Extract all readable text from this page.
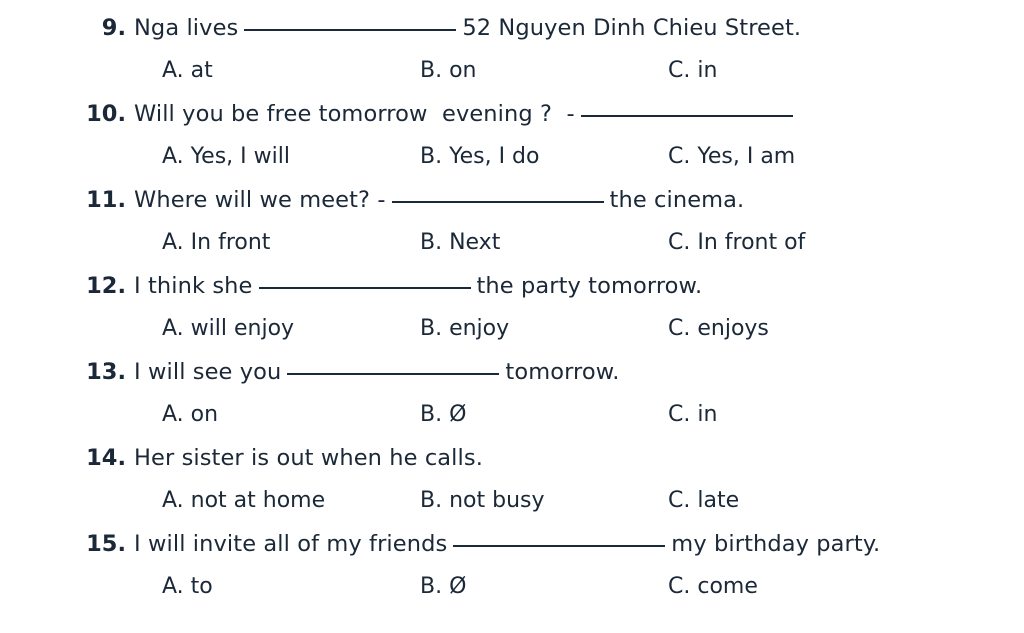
9. Nga lives	52 Nguyen Dinh Chieu Street.
A. at	B. on	C. in
10. Will you be free tomorrow  evening ?  -
A. Yes, I will	B. Yes, I do	C. Yes, I am
11. Where will we meet? -	the cinema.
A. In front	B. Next	C. In front of
12. I think she	the party tomorrow.
A. will enjoy	B. enjoy	C. enjoys
13. I will see you	tomorrow.
A. on	B. Ø	C. in
14. Her sister is out when he calls.
A. not at home	B. not busy	C. late
15. I will invite all of my friends	my birthday party.
A. to	B. Ø	C. come
